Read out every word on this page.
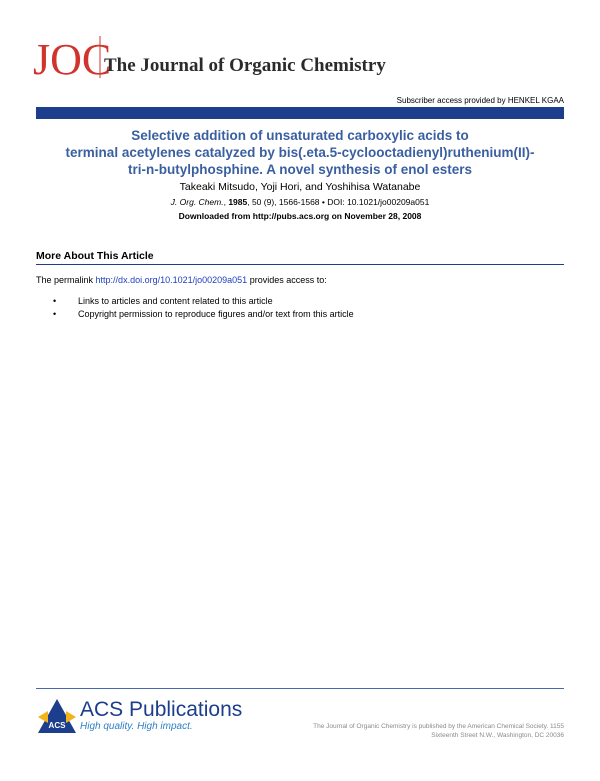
JOC
The Journal of Organic Chemistry
Subscriber access provided by HENKEL KGAA
Selective addition of unsaturated carboxylic acids to
terminal acetylenes catalyzed by bis(.eta.5-cyclooctadienyl)ruthenium(II)-
tri-n-butylphosphine. A novel synthesis of enol esters
Takeaki Mitsudo, Yoji Hori, and Yoshihisa Watanabe
J. Org. Chem., 1985, 50 (9), 1566-1568 • DOI: 10.1021/jo00209a051
Downloaded from http://pubs.acs.org on November 28, 2008
More About This Article
The permalink http://dx.doi.org/10.1021/jo00209a051 provides access to:
• Links to articles and content related to this article
• Copyright permission to reproduce figures and/or text from this article
ACS
ACS Publications
High quality. High impact.	The Journal of Organic Chemistry is published by the American Chemical Society. 1155
Sixteenth Street N.W., Washington, DC 20036
